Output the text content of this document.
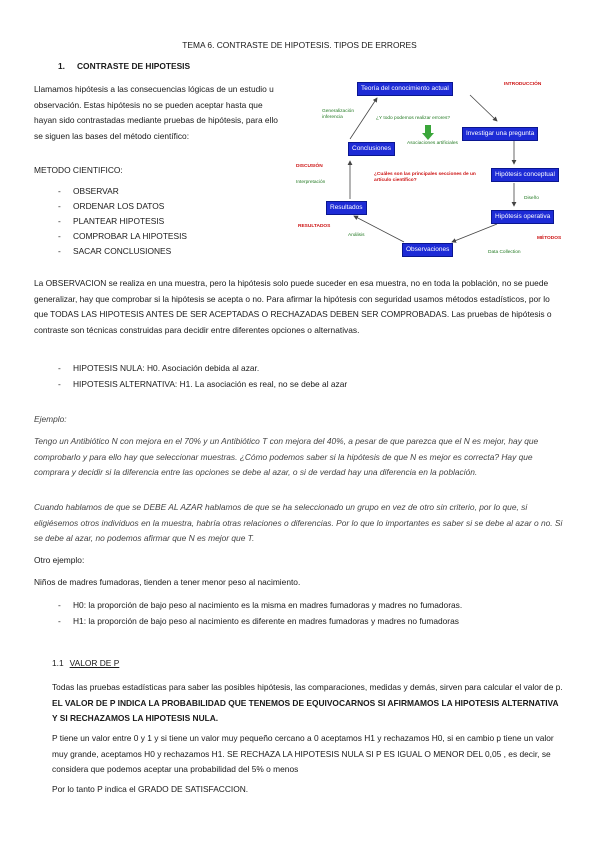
TEMA 6. CONTRASTE DE HIPOTESIS. TIPOS DE ERRORES
1. CONTRASTE DE HIPOTESIS

Llamamos hipótesis a las consecuencias lógicas de un estudio u observación. Estas hipótesis no se pueden aceptar hasta que hayan sido contrastadas mediante pruebas de hipótesis, para ello se siguen las bases del método científico:

METODO CIENTIFICO:
- OBSERVAR
- ORDENAR LOS DATOS
- PLANTEAR HIPOTESIS
- COMPROBAR LA HIPOTESIS
- SACAR CONCLUSIONES
Teoría del conocimiento actual
Investigar una pregunta
Conclusiones
Hipótesis conceptual
Resultados
Hipótesis operativa
Observaciones
INTRODUCCIÓN
DISCUSIÓN
RESULTADOS
MÉTODOS
Generalización
inferencia	¿Y todo podemos realizar errores?
Asociaciones artificiales
¿Cuáles son las principales secciones de un artículo científico?
Interpretación
Diseño
Análisis
Data Collection

La OBSERVACION se realiza en una muestra, pero la hipótesis solo puede suceder en esa muestra, no en toda la población, no se puede generalizar, hay que comprobar si la hipótesis se acepta o no. Para afirmar la hipótesis con seguridad usamos métodos estadísticos, por lo que TODAS LAS HIPOTESIS ANTES DE SER ACEPTADAS O RECHAZADAS DEBEN SER COMPROBADAS. Las pruebas de hipótesis o contraste son técnicas construidas para decidir entre diferentes opciones o alternativas.

- HIPOTESIS NULA: H0. Asociación debida al azar.
- HIPOTESIS ALTERNATIVA: H1. La asociación es real, no se debe al azar
Ejemplo:

Tengo un Antibiótico N con mejora en el 70% y un Antibiótico T con mejora del 40%, a pesar de que parezca que el N es mejor, hay que comprobarlo y para ello hay que seleccionar muestras. ¿Cómo podemos saber si la hipótesis de que N es mejor es correcta? Hay que comprara y decidir si la diferencia entre las opciones se debe al azar, o si de verdad hay una diferencia en la población.

Cuando hablamos de que se DEBE AL AZAR hablamos de que se ha seleccionado un grupo en vez de otro sin criterio, por lo que, si eligiésemos otros individuos en la muestra, habría otras relaciones o diferencias. Por lo que lo importantes es saber si se debe al azar o no. Si se debe al azar, no podemos afirmar que N es mejor que T.

Otro ejemplo:
Niños de madres fumadoras, tienden a tener menor peso al nacimiento.
- H0: la proporción de bajo peso al nacimiento es la misma en madres fumadoras y madres no fumadoras.
- H1: la proporción de bajo peso al nacimiento es diferente en madres fumadoras y madres no fumadoras
1.1 VALOR DE P

Todas las pruebas estadísticas para saber las posibles hipótesis, las comparaciones, medidas y demás, sirven para calcular el valor de p. EL VALOR DE P INDICA LA PROBABILIDAD QUE TENEMOS DE EQUIVOCARNOS SI AFIRMAMOS LA HIPOTESIS ALTERNATIVA Y SI RECHAZAMOS LA HIPOTESIS NULA.

P tiene un valor entre 0 y 1 y si tiene un valor muy pequeño cercano a 0 aceptamos H1 y rechazamos H0, si en cambio p tiene un valor muy grande, aceptamos H0 y rechazamos H1. SE RECHAZA LA HIPOTESIS NULA SI P ES IGUAL O MENOR DEL 0,05 , es decir, se considera que podemos aceptar una probabilidad del 5% o menos

Por lo tanto P indica el GRADO DE SATISFACCION.
